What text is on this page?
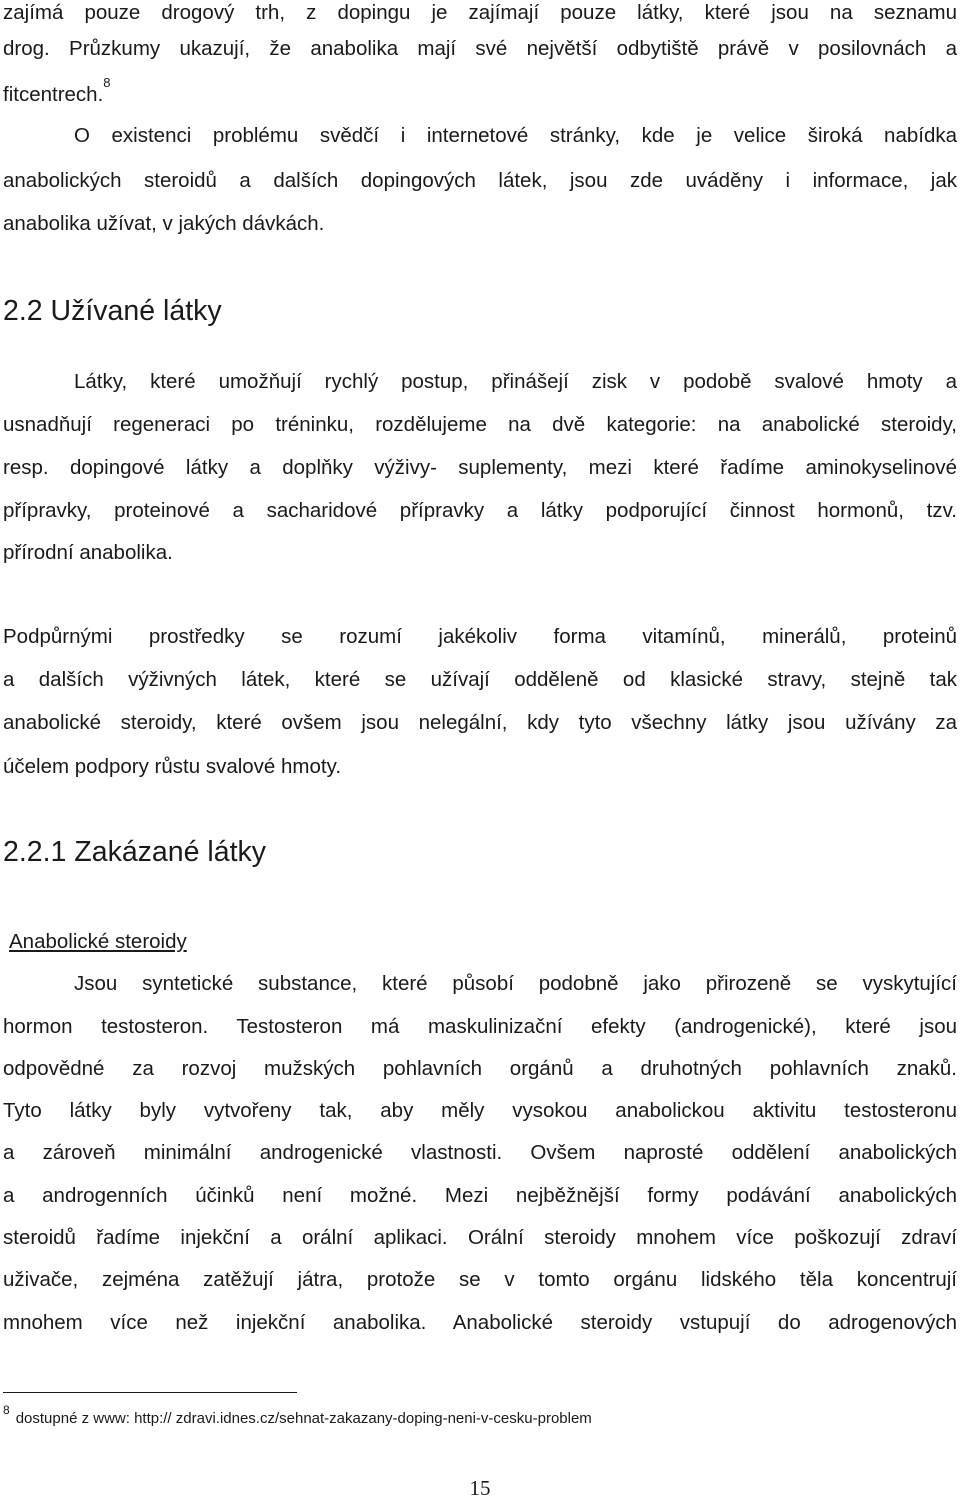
zajímá pouze drogový trh, z dopingu je zajímají pouze látky, které jsou na seznamu
drog. Průzkumy ukazují, že anabolika mají své největší odbytiště právě v posilovnách a
fitcentrech.$^8$
O existenci problému svědčí i internetové stránky, kde je velice široká nabídka
anabolických steroidů a dalších dopingových látek, jsou zde uváděny i informace, jak
anabolika užívat, v jakých dávkách.
2.2 Užívané látky
Látky, které umožňují rychlý postup, přinášejí zisk v podobě svalové hmoty a
usnadňují regeneraci po tréninku, rozdělujeme na dvě kategorie: na anabolické steroidy,
resp. dopingové látky a doplňky výživy- suplementy, mezi které řadíme aminokyselinové
přípravky, proteinové a sacharidové přípravky a látky podporující činnost hormonů, tzv.
přírodní anabolika.
Podpůrnými prostředky se rozumí jakékoliv forma vitamínů, minerálů, proteinů
a dalších výživných látek, které se užívají odděleně od klasické stravy, stejně tak
anabolické steroidy, které ovšem jsou nelegální, kdy tyto všechny látky jsou užívány za
účelem podpory růstu svalové hmoty.
2.2.1 Zakázané látky
Anabolické steroidy
Jsou syntetické substance, které působí podobně jako přirozeně se vyskytující
hormon testosteron. Testosteron má maskulinizační efekty (androgenické), které jsou
odpovědné za rozvoj mužských pohlavních orgánů a druhotných pohlavních znaků.
Tyto látky byly vytvořeny tak, aby měly vysokou anabolickou aktivitu testosteronu
a zároveň minimální androgenické vlastnosti. Ovšem naprosté oddělení anabolických
a androgenních účinků není možné. Mezi nejběžnější formy podávání anabolických
steroidů řadíme injekční a orální aplikaci. Orální steroidy mnohem více poškozují zdraví
uživače, zejména zatěžují játra, protože se v tomto orgánu lidského těla koncentrují
mnohem více než injekční anabolika. Anabolické steroidy vstupují do adrogenových
$^8$ dostupné z www: http:// zdravi.idnes.cz/sehnat-zakazany-doping-neni-v-cesku-problem
15
